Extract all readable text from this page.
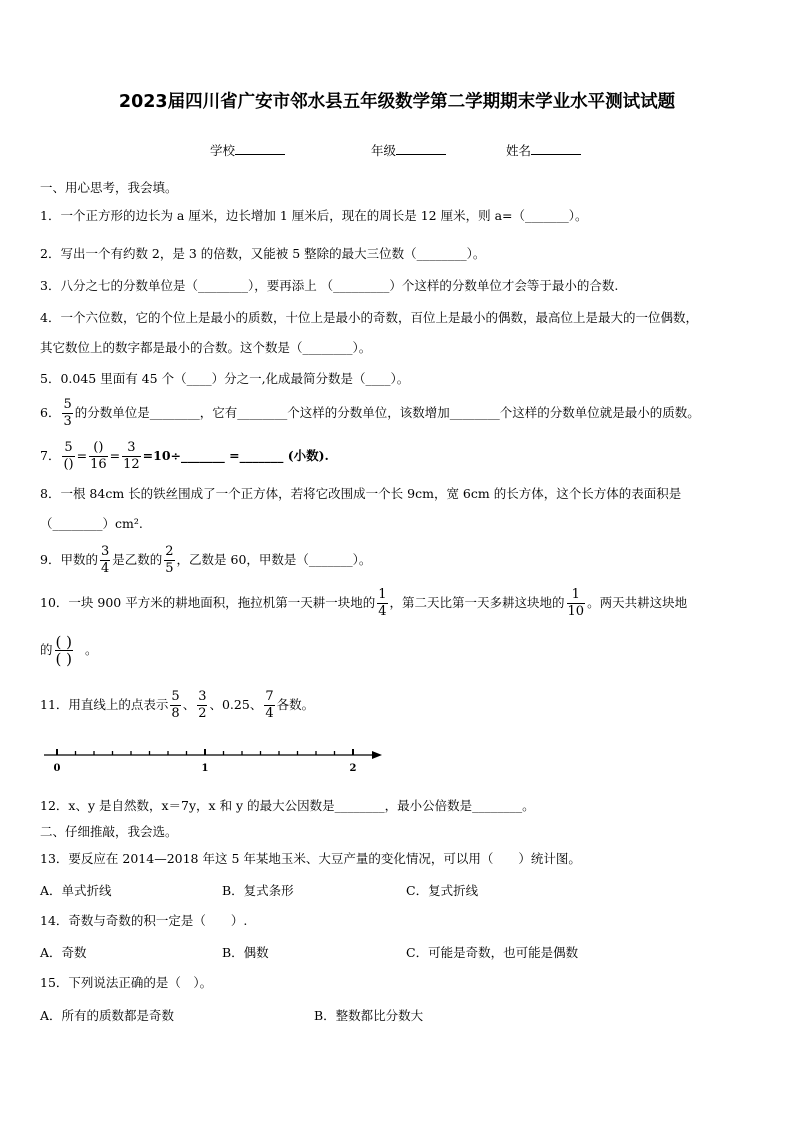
2023届四川省广安市邻水县五年级数学第二学期期末学业水平测试试题
学校	年级	姓名
一、用心思考，我会填。
1．一个正方形的边长为 a 厘米，边长增加 1 厘米后，现在的周长是 12 厘米，则 a=（_______）。
2．写出一个有约数 2，是 3 的倍数，又能被 5 整除的最大三位数（________）。
3．八分之七的分数单位是（________），要再添上 （_________）个这样的分数单位才会等于最小的合数.
4．一个六位数，它的个位上是最小的质数，十位上是最小的奇数，百位上是最小的偶数，最高位上是最大的一位偶数，
其它数位上的数字都是最小的合数。这个数是（________）。
5．0.045 里面有 45 个（____）分之一,化成最简分数是（____）。
6． $\frac{5}{3}$ 的分数单位是________，它有________个这样的分数单位，该数增加________个这样的分数单位就是最小的质数。
7． $\frac{5}{()} = \frac{()}{16} = \frac{3}{12}$ =10÷_______ =_______ (小数).
8．一根 84cm 长的铁丝围成了一个正方体，若将它改围成一个长 9cm，宽 6cm 的长方体，这个长方体的表面积是
（________）cm².
9．甲数的 $\frac{3}{4}$ 是乙数的 $\frac{2}{5}$ ，乙数是 60，甲数是（_______）。
10．一块 900 平方米的耕地面积，拖拉机第一天耕一块地的 $\frac{1}{4}$ ，第二天比第一天多耕这块地的 $\frac{1}{10}$ 。两天共耕这块地
的 $\frac{( )}{( )}$ 。
11．用直线上的点表示 $\frac{5}{8}$ 、 $\frac{3}{2}$ 、0.25、 $\frac{7}{4}$ 各数。
0	1	2
12．x、y 是自然数，x＝7y，x 和 y 的最大公因数是________，最小公倍数是________。
二、仔细推敲，我会选。
13．要反应在 2014—2018 年这 5 年某地玉米、大豆产量的变化情况，可以用（　　）统计图。
A．单式折线	B．复式条形	C．复式折线
14．奇数与奇数的积一定是（　　）.
A．奇数	B．偶数	C．可能是奇数，也可能是偶数
15．下列说法正确的是（　）。
A．所有的质数都是奇数	B．整数都比分数大
